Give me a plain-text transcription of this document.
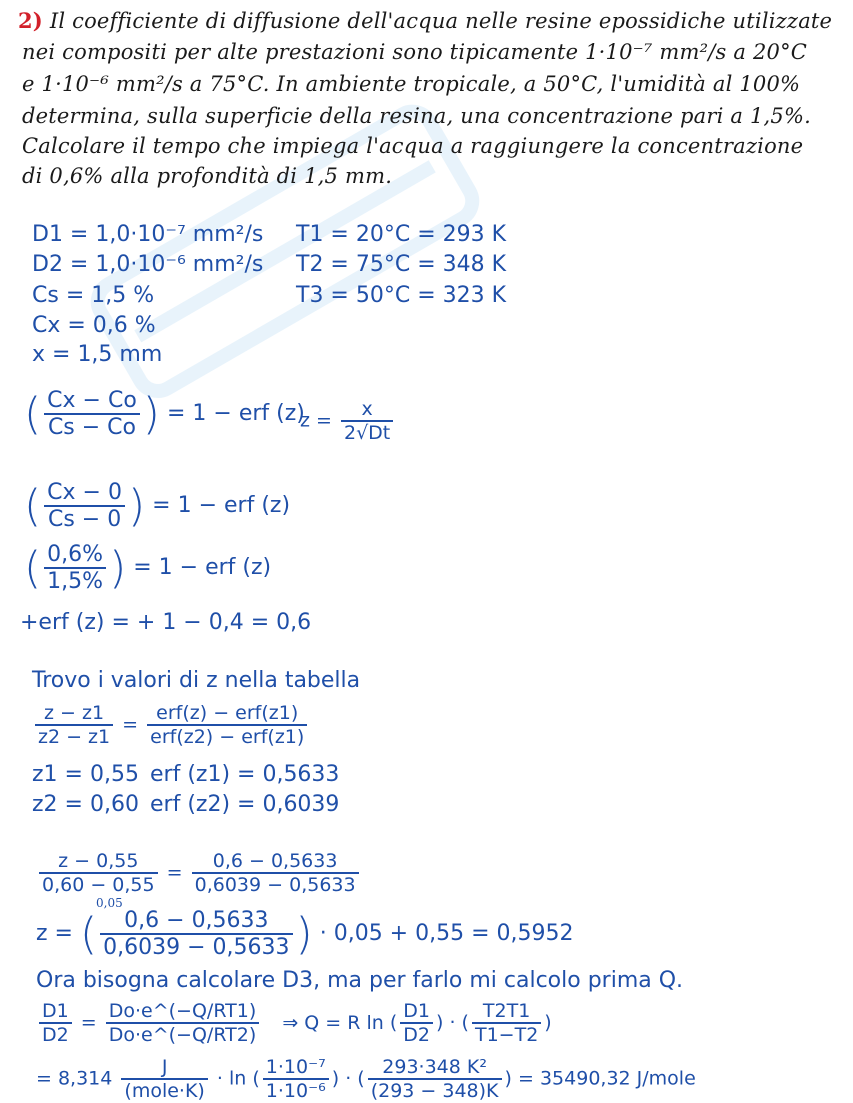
2) Il coefficiente di diffusione dell'acqua nelle resine epossidiche utilizzate
nei compositi per alte prestazioni sono tipicamente 1·10⁻⁷ mm²/s a 20°C
e 1·10⁻⁶ mm²/s a 75°C. In ambiente tropicale, a 50°C, l'umidità al 100%
determina, sulla superficie della resina, una concentrazione pari a 1,5%.
Calcolare il tempo che impiega l'acqua a raggiungere la concentrazione
di 0,6% alla profondità di 1,5 mm.
D1 = 1,0·10⁻⁷ mm²/s
D2 = 1,0·10⁻⁶ mm²/s
Cs = 1,5 %
Cx = 0,6 %
x = 1,5 mm
T1 = 20°C = 293 K
T2 = 75°C = 348 K
T3 = 50°C = 323 K
( $\frac{Cx - Co}{Cs - Co}$ ) = 1 − erf (z)
$z = \frac{x}{2√Dt}$
( $\frac{Cx - 0}{Cs - 0}$ ) = 1 − erf (z)
( $\frac{0,6\%}{1,5\%}$ ) = 1 − erf (z)
+erf (z) = + 1 − 0,4 = 0,6
Trovo i valori di z nella tabella
$\frac{z - z1}{z2 - z1} = \frac{\text{erf(z) − erf(z1)}}{\text{erf(z2) − erf(z1)}}$
z1 = 0,55 erf (z1) = 0,5633
z2 = 0,60 erf (z2) = 0,6039
$\frac{z - 0,55}{0,60 - 0,55} = \frac{0,6 - 0,5633}{0,6039 - 0,5633}$
0,05
z = ( $\frac{0,6 - 0,5633}{0,6039 - 0,5633}$ ) · 0,05 + 0,55 = 0,5952
Ora bisogna calcolare D3, ma per farlo mi calcolo prima Q.
$\frac{D1}{D2} = \frac{Do\cdot e\^{}(-Q/RT1)}{Do\cdot e\^{}(-Q/RT2)}$ ⇒ Q = R ln ( $\frac{D1}{D2}$ ) · ( $\frac{T2T1}{T1-T2}$ )
= $8,314 \frac{J}{\text{(mole·K)}} \cdot \ln$ ( $\frac{\text{1·10⁻⁷}}{\text{1·10⁻⁶}}$ ) · ( $\frac{\text{293·348 K²}}{(293 - 348)K}$ ) = 35490,32 J/mole
